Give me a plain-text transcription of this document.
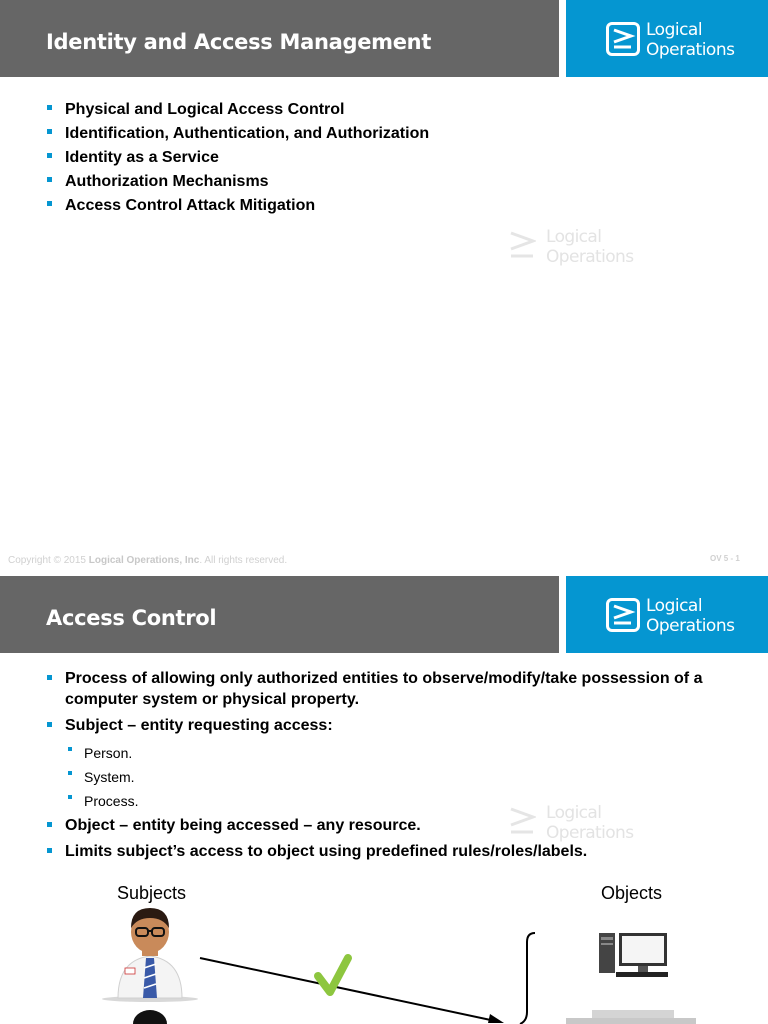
Identity and Access Management	Logical
Operations
Physical and Logical Access Control
Identification, Authentication, and Authorization
Identity as a Service
Authorization Mechanisms
Access Control Attack Mitigation
Logical
Operations
Copyright © 2015 Logical Operations, Inc. All rights reserved.	OV 5 - 1
Access Control	Logical
Operations
Process of allowing only authorized entities to observe/modify/take possession of a computer system or physical property.
Subject – entity requesting access:
Person.
System.
Process.
Object – entity being accessed – any resource.
Limits subject’s access to object using predefined rules/roles/labels.
Logical
Operations
Subjects	Objects
